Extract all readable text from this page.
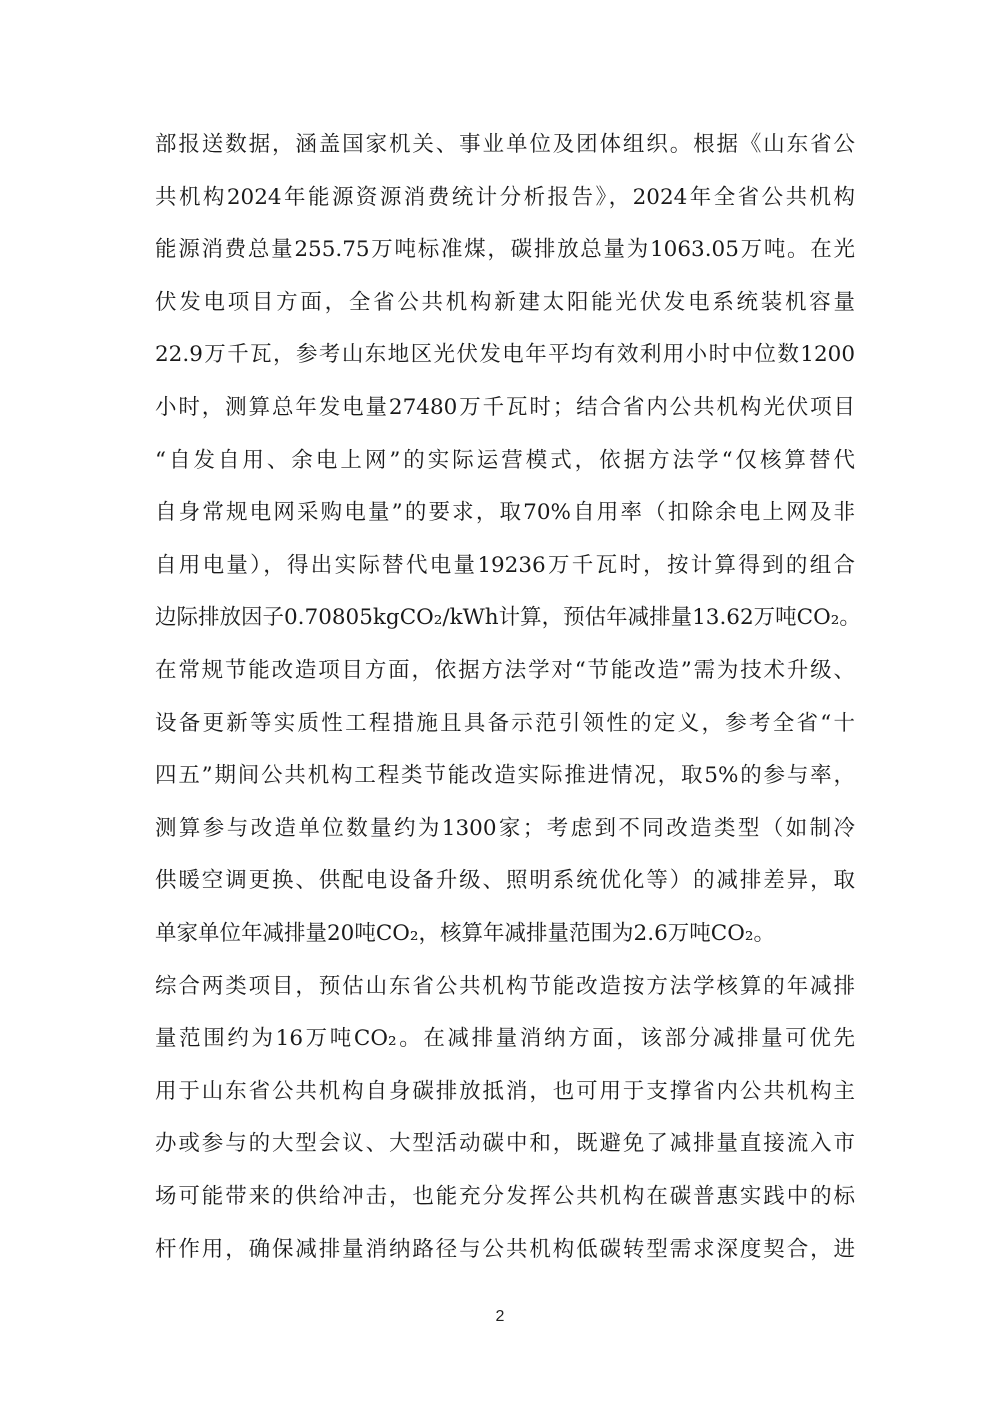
部报送数据，涵盖国家机关、事业单位及团体组织。根据《山东省公
共机构2024年能源资源消费统计分析报告》，2024年全省公共机构
能源消费总量255.75万吨标准煤，碳排放总量为1063.05万吨。在光
伏发电项目方面，全省公共机构新建太阳能光伏发电系统装机容量
22.9万千瓦，参考山东地区光伏发电年平均有效利用小时中位数1200
小时，测算总年发电量27480万千瓦时；结合省内公共机构光伏项目
“自发自用、余电上网”的实际运营模式，依据方法学“仅核算替代
自身常规电网采购电量”的要求，取70%自用率（扣除余电上网及非
自用电量），得出实际替代电量19236万千瓦时，按计算得到的组合
边际排放因子0.70805kgCO₂/kWh计算，预估年减排量13.62万吨CO₂。
在常规节能改造项目方面，依据方法学对“节能改造”需为技术升级、
设备更新等实质性工程措施且具备示范引领性的定义，参考全省“十
四五”期间公共机构工程类节能改造实际推进情况，取5%的参与率，
测算参与改造单位数量约为1300家；考虑到不同改造类型（如制冷
供暖空调更换、供配电设备升级、照明系统优化等）的减排差异，取
单家单位年减排量20吨CO₂，核算年减排量范围为2.6万吨CO₂。
综合两类项目，预估山东省公共机构节能改造按方法学核算的年减排
量范围约为16万吨CO₂。在减排量消纳方面，该部分减排量可优先
用于山东省公共机构自身碳排放抵消，也可用于支撑省内公共机构主
办或参与的大型会议、大型活动碳中和，既避免了减排量直接流入市
场可能带来的供给冲击，也能充分发挥公共机构在碳普惠实践中的标
杆作用，确保减排量消纳路径与公共机构低碳转型需求深度契合，进
2
